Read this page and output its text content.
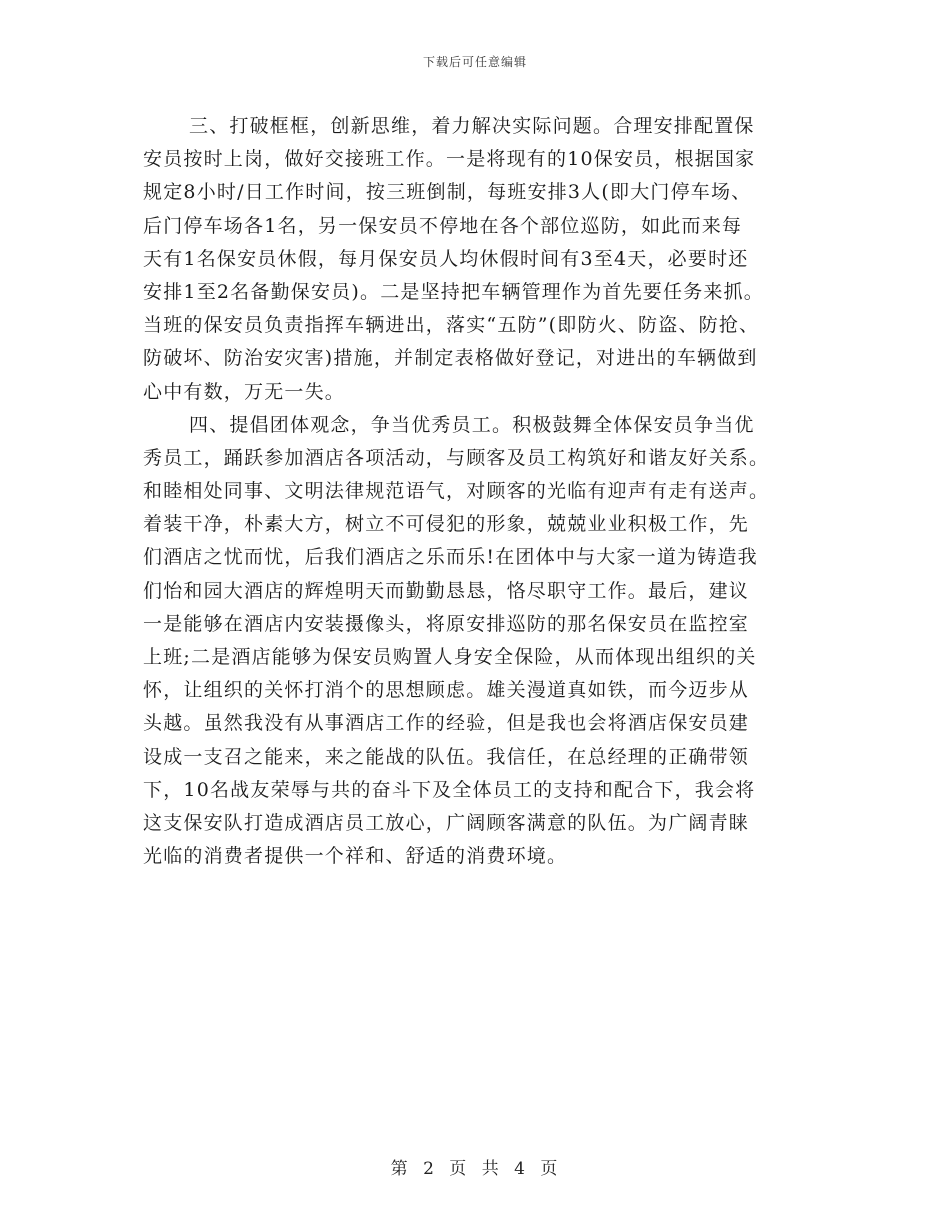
下载后可任意编辑
三、打破框框，创新思维，着力解决实际问题。合理安排配置保
安员按时上岗，做好交接班工作。一是将现有的10保安员，根据国家
规定8小时/日工作时间，按三班倒制，每班安排3人(即大门停车场、
后门停车场各1名，另一保安员不停地在各个部位巡防，如此而来每
天有1名保安员休假，每月保安员人均休假时间有3至4天，必要时还
安排1至2名备勤保安员)。二是坚持把车辆管理作为首先要任务来抓。
当班的保安员负责指挥车辆进出，落实“五防”(即防火、防盗、防抢、
防破坏、防治安灾害)措施，并制定表格做好登记，对进出的车辆做到
心中有数，万无一失。
四、提倡团体观念，争当优秀员工。积极鼓舞全体保安员争当优
秀员工，踊跃参加酒店各项活动，与顾客及员工构筑好和谐友好关系。
和睦相处同事、文明法律规范语气，对顾客的光临有迎声有走有送声。
着装干净，朴素大方，树立不可侵犯的形象，兢兢业业积极工作，先
们酒店之忧而忧，后我们酒店之乐而乐!在团体中与大家一道为铸造我
们怡和园大酒店的辉煌明天而勤勤恳恳，恪尽职守工作。最后，建议
一是能够在酒店内安装摄像头，将原安排巡防的那名保安员在监控室
上班;二是酒店能够为保安员购置人身安全保险，从而体现出组织的关
怀，让组织的关怀打消个的思想顾虑。雄关漫道真如铁，而今迈步从
头越。虽然我没有从事酒店工作的经验，但是我也会将酒店保安员建
设成一支召之能来，来之能战的队伍。我信任，在总经理的正确带领
下，10名战友荣辱与共的奋斗下及全体员工的支持和配合下，我会将
这支保安队打造成酒店员工放心，广阔顾客满意的队伍。为广阔青睐
光临的消费者提供一个祥和、舒适的消费环境。
第 2 页 共 4 页
